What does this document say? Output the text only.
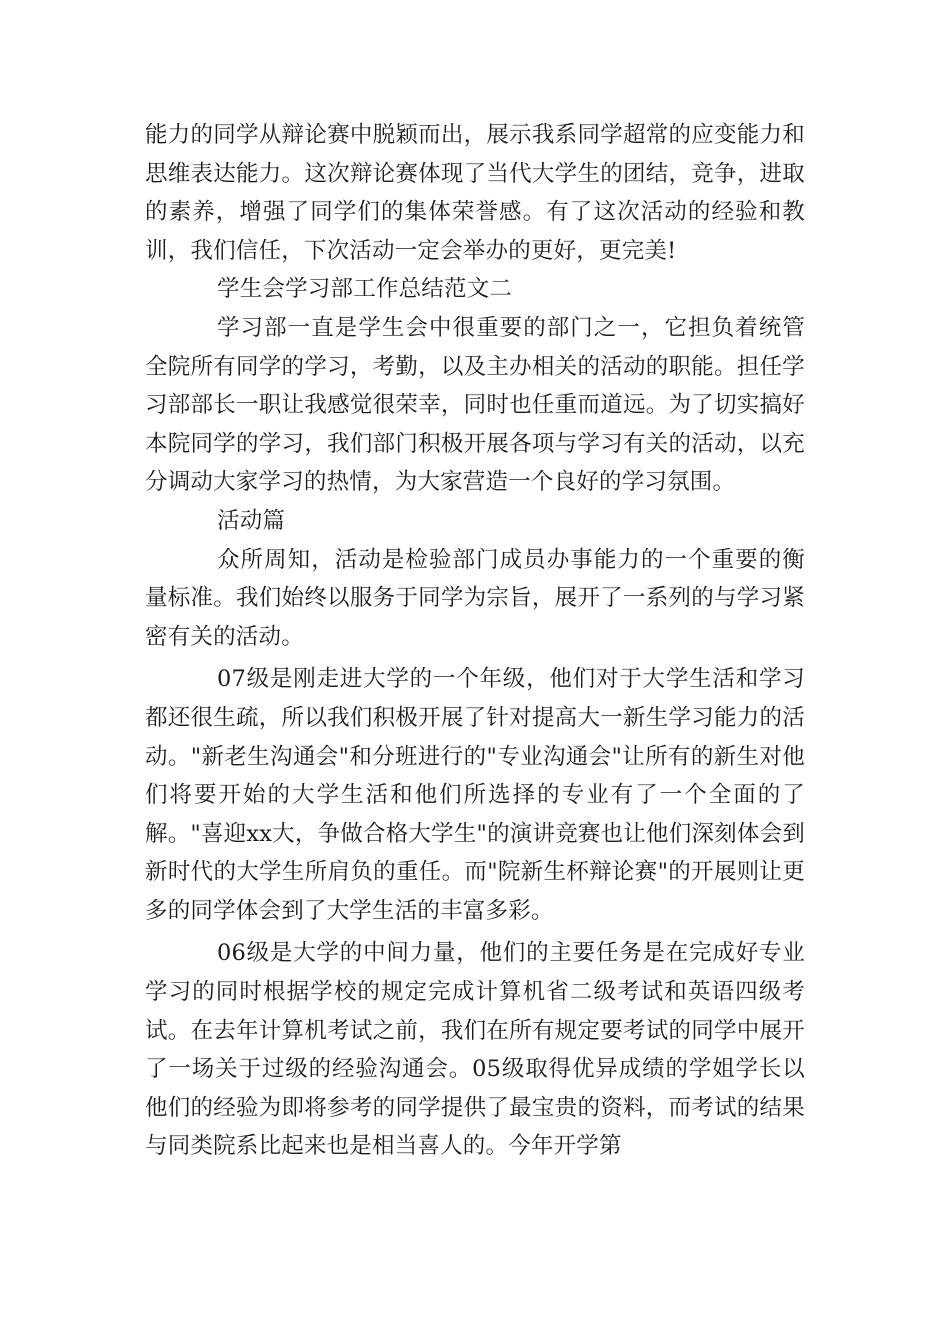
能力的同学从辩论赛中脱颖而出，展示我系同学超常的应变能力和思维表达能力。这次辩论赛体现了当代大学生的团结，竞争，进取的素养，增强了同学们的集体荣誉感。有了这次活动的经验和教训，我们信任，下次活动一定会举办的更好，更完美!

学生会学习部工作总结范文二

学习部一直是学生会中很重要的部门之一，它担负着统管全院所有同学的学习，考勤，以及主办相关的活动的职能。担任学习部部长一职让我感觉很荣幸，同时也任重而道远。为了切实搞好本院同学的学习，我们部门积极开展各项与学习有关的活动，以充分调动大家学习的热情，为大家营造一个良好的学习氛围。

活动篇

众所周知，活动是检验部门成员办事能力的一个重要的衡量标准。我们始终以服务于同学为宗旨，展开了一系列的与学习紧密有关的活动。

07级是刚走进大学的一个年级，他们对于大学生活和学习都还很生疏，所以我们积极开展了针对提高大一新生学习能力的活动。"新老生沟通会"和分班进行的"专业沟通会"让所有的新生对他们将要开始的大学生活和他们所选择的专业有了一个全面的了解。"喜迎xx大，争做合格大学生"的演讲竞赛也让他们深刻体会到新时代的大学生所肩负的重任。而"院新生杯辩论赛"的开展则让更多的同学体会到了大学生活的丰富多彩。

06级是大学的中间力量，他们的主要任务是在完成好专业学习的同时根据学校的规定完成计算机省二级考试和英语四级考试。在去年计算机考试之前，我们在所有规定要考试的同学中展开了一场关于过级的经验沟通会。05级取得优异成绩的学姐学长以他们的经验为即将参考的同学提供了最宝贵的资料，而考试的结果与同类院系比起来也是相当喜人的。今年开学第
